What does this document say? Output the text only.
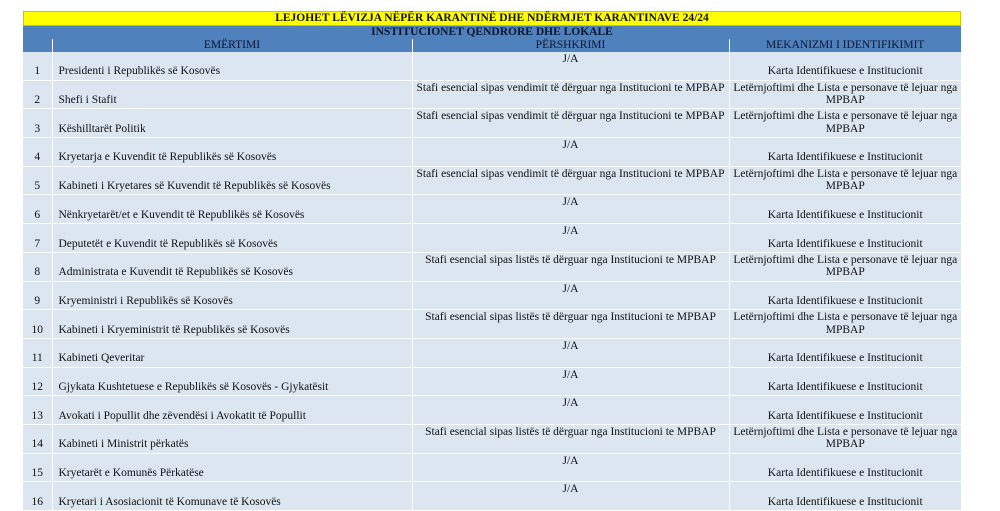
LEJOHET LËVIZJA NËPËR KARANTINË DHE NDËRMJET KARANTINAVE 24/24
INSTITUCIONET QENDRORE DHE LOKALE
	EMËRTIMI	PËRSHKRIMI	MEKANIZMI I IDENTIFIKIMIT
1	Presidenti i Republikës së Kosovës	J/A	Karta Identifikuese e Institucionit

2	Shefi i Stafit	Stafi esencial sipas vendimit të dërguar nga Institucioni te MPBAP	Letërnjoftimi dhe Lista e personave të lejuar nga MPBAP

3	Këshilltarët Politik	Stafi esencial sipas vendimit të dërguar nga Institucioni te MPBAP	Letërnjoftimi dhe Lista e personave të lejuar nga MPBAP

4	Kryetarja e Kuvendit të Republikës së Kosovës	J/A	Karta Identifikuese e Institucionit

5	Kabineti i Kryetares së Kuvendit të Republikës së Kosovës	Stafi esencial sipas vendimit të dërguar nga Institucioni te MPBAP	Letërnjoftimi dhe Lista e personave të lejuar nga MPBAP

6	Nënkryetarët/et e Kuvendit të Republikës së Kosovës	J/A	Karta Identifikuese e Institucionit

7	Deputetët e Kuvendit të Republikës së Kosovës	J/A	Karta Identifikuese e Institucionit

8	Administrata e Kuvendit të Republikës së Kosovës	Stafi esencial sipas listës të dërguar nga Institucioni te MPBAP	Letërnjoftimi dhe Lista e personave të lejuar nga MPBAP

9	Kryeministri i Republikës së Kosovës	J/A	Karta Identifikuese e Institucionit

10	Kabineti i Kryeministrit të Republikës së Kosovës	Stafi esencial sipas listës të dërguar nga Institucioni te MPBAP	Letërnjoftimi dhe Lista e personave të lejuar nga MPBAP

11	Kabineti Qeveritar	J/A	Karta Identifikuese e Institucionit

12	Gjykata Kushtetuese e Republikës së Kosovës - Gjykatësit	J/A	Karta Identifikuese e Institucionit

13	Avokati i Popullit dhe zëvendësi i Avokatit të Popullit	J/A	Karta Identifikuese e Institucionit

14	Kabineti i Ministrit përkatës	Stafi esencial sipas listës të dërguar nga Institucioni te MPBAP	Letërnjoftimi dhe Lista e personave të lejuar nga MPBAP

15	Kryetarët e Komunës Përkatëse	J/A	Karta Identifikuese e Institucionit

16	Kryetari i Asosiacionit të Komunave të Kosovës	J/A	Karta Identifikuese e Institucionit
